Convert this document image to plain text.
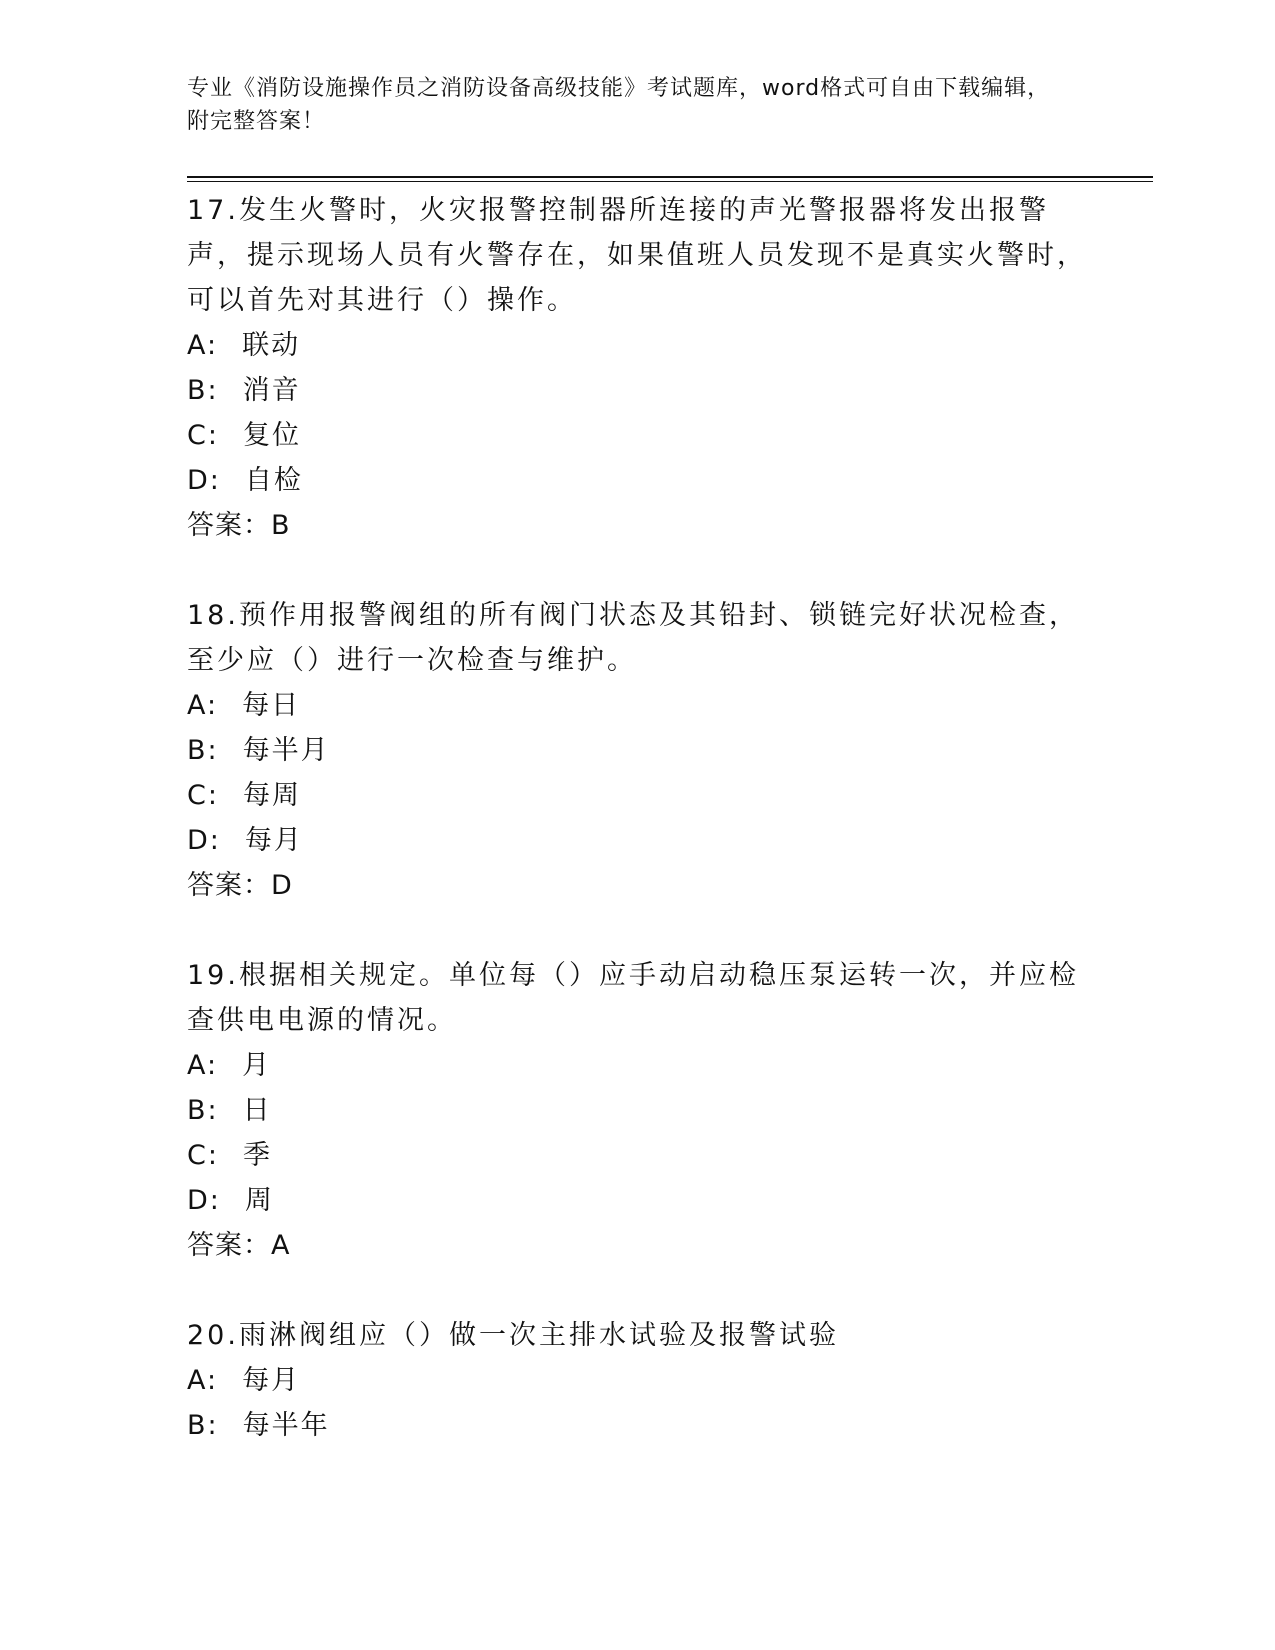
专业《消防设施操作员之消防设备高级技能》考试题库，word格式可自由下载编辑，附完整答案！
17.发生火警时，火灾报警控制器所连接的声光警报器将发出报警声，提示现场人员有火警存在，如果值班人员发现不是真实火警时，可以首先对其进行（）操作。
A: 联动
B: 消音
C: 复位
D: 自检
答案：B
18.预作用报警阀组的所有阀门状态及其铅封、锁链完好状况检查，至少应（）进行一次检查与维护。
A: 每日
B: 每半月
C: 每周
D: 每月
答案：D
19.根据相关规定。单位每（）应手动启动稳压泵运转一次，并应检查供电电源的情况。
A: 月
B: 日
C: 季
D: 周
答案：A
20.雨淋阀组应（）做一次主排水试验及报警试验
A: 每月
B: 每半年
